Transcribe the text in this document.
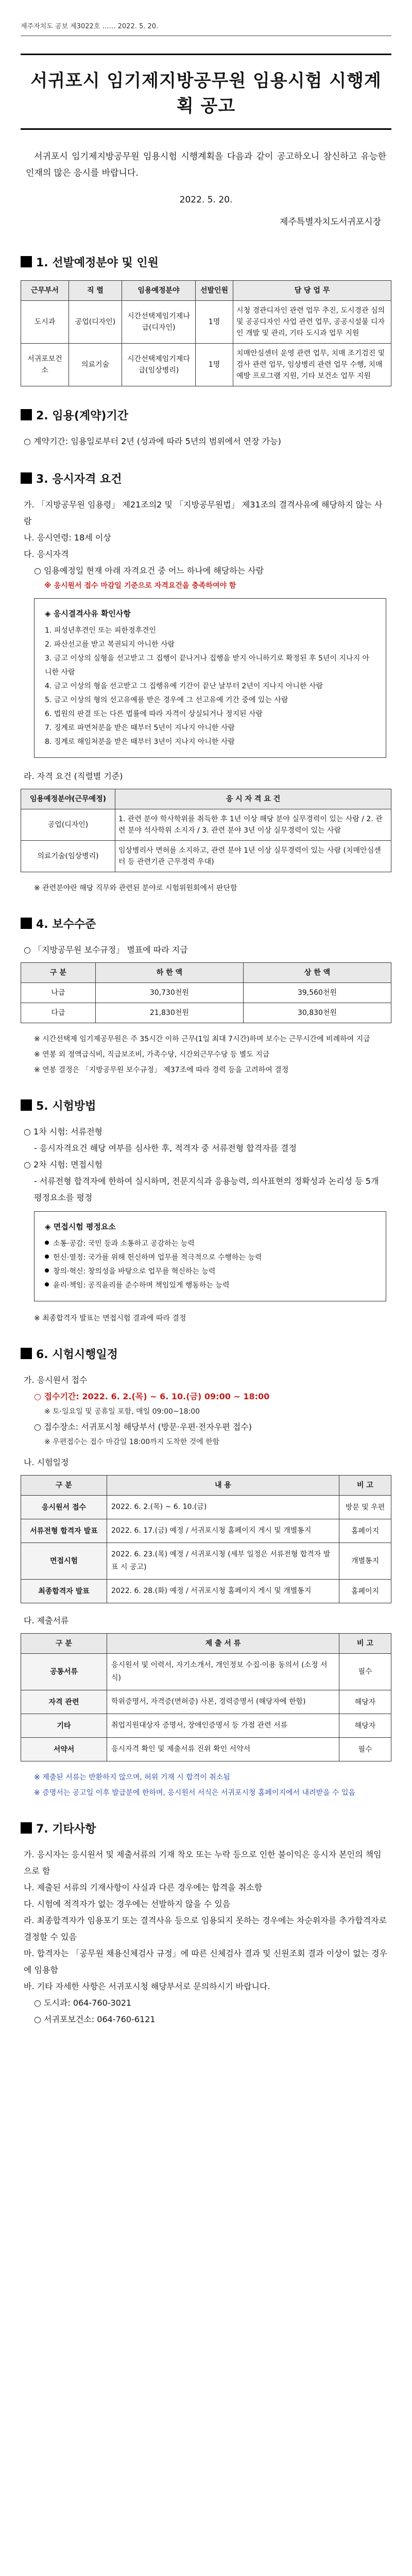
제주자치도 공보 제3022호 …… 2022. 5. 20.
서귀포시 임기제지방공무원 임용시험 시행계획 공고
서귀포시 임기제지방공무원 임용시험 시행계획을 다음과 같이 공고하오니 참신하고 유능한 인재의 많은 응시를 바랍니다.
2022. 5. 20.
제주특별자치도서귀포시장
1. 선발예정분야 및 인원
근무부서	직 렬	임용예정분야	선발인원	담 당 업 무
도시과	공업(디자인)	시간선택제임기제나급(디자인)	1명	시청 경관디자인 관련 업무 추진, 도시경관 심의 및 공공디자인 사업 관련 업무, 공공시설물 디자인 개발 및 관리, 기타 도시과 업무 지원
서귀포보건소	의료기술	시간선택제임기제다급(임상병리)	1명	치매안심센터 운영 관련 업무, 치매 조기검진 및 검사 관련 업무, 임상병리 관련 업무 수행, 치매 예방 프로그램 지원, 기타 보건소 업무 지원
2. 임용(계약)기간
○ 계약기간: 임용일로부터 2년 (성과에 따라 5년의 범위에서 연장 가능)
3. 응시자격 요건
가. 「지방공무원 임용령」 제21조의2 및 「지방공무원법」 제31조의 결격사유에 해당하지 않는 사람
나. 응시연령: 18세 이상
다. 응시자격
○ 임용예정일 현재 아래 자격요건 중 어느 하나에 해당하는 사람
※ 응시원서 접수 마감일 기준으로 자격요건을 충족하여야 함
◈ 응시결격사유 확인사항
1. 피성년후견인 또는 피한정후견인
2. 파산선고를 받고 복권되지 아니한 사람
3. 금고 이상의 실형을 선고받고 그 집행이 끝나거나 집행을 받지 아니하기로 확정된 후 5년이 지나지 아니한 사람
4. 금고 이상의 형을 선고받고 그 집행유예 기간이 끝난 날부터 2년이 지나지 아니한 사람
5. 금고 이상의 형의 선고유예를 받은 경우에 그 선고유예 기간 중에 있는 사람
6. 법원의 판결 또는 다른 법률에 따라 자격이 상실되거나 정지된 사람
7. 징계로 파면처분을 받은 때부터 5년이 지나지 아니한 사람
8. 징계로 해임처분을 받은 때부터 3년이 지나지 아니한 사람
라. 자격 요건 (직렬별 기준)
임용예정분야(근무예정)	응 시 자 격 요 건
공업(디자인)	1. 관련 분야 학사학위를 취득한 후 1년 이상 해당 분야 실무경력이 있는 사람 / 2. 관련 분야 석사학위 소지자 / 3. 관련 분야 3년 이상 실무경력이 있는 사람
의료기술(임상병리)	임상병리사 면허를 소지하고, 관련 분야 1년 이상 실무경력이 있는 사람 (치매안심센터 등 관련기관 근무경력 우대)
※ 관련분야란 해당 직무와 관련된 분야로 시험위원회에서 판단함
4. 보수수준
○ 「지방공무원 보수규정」 별표에 따라 지급
구 분	하 한 액	상 한 액
나급	30,730천원	39,560천원
다급	21,830천원	30,830천원
※ 시간선택제 임기제공무원은 주 35시간 이하 근무(1일 최대 7시간)하며 보수는 근무시간에 비례하여 지급
※ 연봉 외 정액급식비, 직급보조비, 가족수당, 시간외근무수당 등 별도 지급
※ 연봉 결정은 「지방공무원 보수규정」 제37조에 따라 경력 등을 고려하여 결정
5. 시험방법
○ 1차 시험: 서류전형
- 응시자격요건 해당 여부를 심사한 후, 적격자 중 서류전형 합격자를 결정
○ 2차 시험: 면접시험
- 서류전형 합격자에 한하여 실시하며, 전문지식과 응용능력, 의사표현의 정확성과 논리성 등 5개 평정요소를 평정
◈ 면접시험 평정요소
소통·공감: 국민 등과 소통하고 공감하는 능력
헌신·열정: 국가를 위해 헌신하며 업무를 적극적으로 수행하는 능력
창의·혁신: 창의성을 바탕으로 업무를 혁신하는 능력
윤리·책임: 공직윤리를 준수하며 책임있게 행동하는 능력
※ 최종합격자 발표는 면접시험 결과에 따라 결정
6. 시험시행일정
가. 응시원서 접수
○ 접수기간: 2022. 6. 2.(목) ~ 6. 10.(금) 09:00 ~ 18:00
※ 토·일요일 및 공휴일 포함, 매일 09:00~18:00
○ 접수장소: 서귀포시청 해당부서 (방문·우편·전자우편 접수)
※ 우편접수는 접수 마감일 18:00까지 도착한 것에 한함
나. 시험일정
구 분	내 용	비 고
응시원서 접수	2022. 6. 2.(목) ~ 6. 10.(금)	방문 및 우편
서류전형 합격자 발표	2022. 6. 17.(금) 예정 / 서귀포시청 홈페이지 게시 및 개별통지	홈페이지
면접시험	2022. 6. 23.(목) 예정 / 서귀포시청 (세부 일정은 서류전형 합격자 발표 시 공고)	개별통지
최종합격자 발표	2022. 6. 28.(화) 예정 / 서귀포시청 홈페이지 게시 및 개별통지	홈페이지
다. 제출서류
구 분	제 출 서 류	비 고
공통서류	응시원서 및 이력서, 자기소개서, 개인정보 수집·이용 동의서 (소정 서식)	필수
자격 관련	학위증명서, 자격증(면허증) 사본, 경력증명서 (해당자에 한함)	해당자
기타	취업지원대상자 증명서, 장애인증명서 등 가점 관련 서류	해당자
서약서	응시자격 확인 및 제출서류 진위 확인 서약서	필수
※ 제출된 서류는 반환하지 않으며, 허위 기재 시 합격이 취소됨
※ 증명서는 공고일 이후 발급분에 한하며, 응시원서 서식은 서귀포시청 홈페이지에서 내려받을 수 있음
7. 기타사항
가. 응시자는 응시원서 및 제출서류의 기재 착오 또는 누락 등으로 인한 불이익은 응시자 본인의 책임으로 함
나. 제출된 서류의 기재사항이 사실과 다른 경우에는 합격을 취소함
다. 시험에 적격자가 없는 경우에는 선발하지 않을 수 있음
라. 최종합격자가 임용포기 또는 결격사유 등으로 임용되지 못하는 경우에는 차순위자를 추가합격자로 결정할 수 있음
마. 합격자는 「공무원 채용신체검사 규정」에 따른 신체검사 결과 및 신원조회 결과 이상이 없는 경우에 임용함
바. 기타 자세한 사항은 서귀포시청 해당부서로 문의하시기 바랍니다.
○ 도시과: 064-760-3021
○ 서귀포보건소: 064-760-6121
